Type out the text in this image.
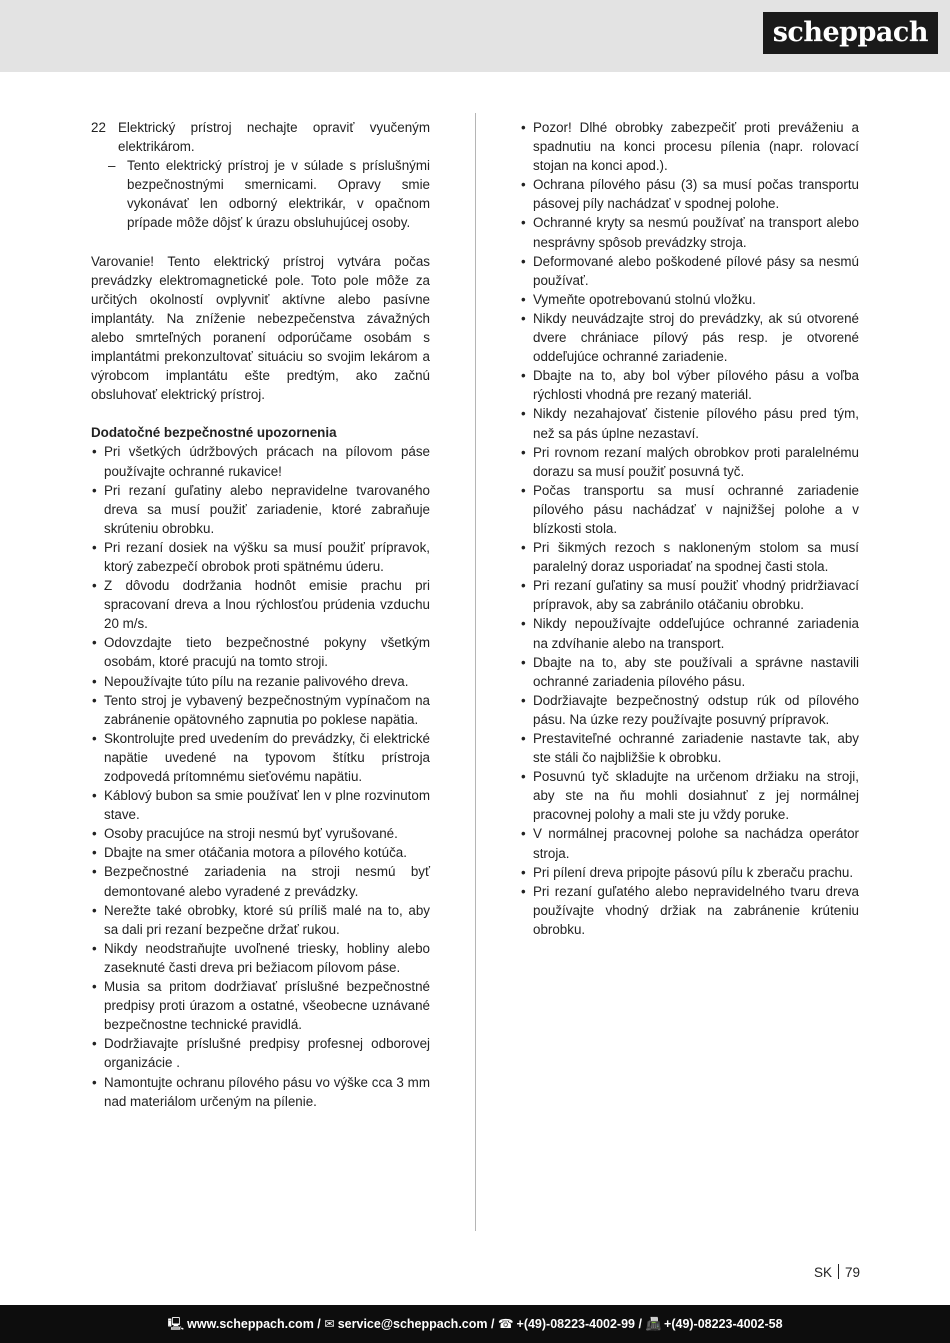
scheppach
22 Elektrický prístroj nechajte opraviť vyučeným elektrikárom.
– Tento elektrický prístroj je v súlade s príslušnými bezpečnostnými smernicami. Opravy smie vykonávať len odborný elektrikár, v opačnom prípade môže dôjsť k úrazu obsluhujúcej osoby.

Varovanie! Tento elektrický prístroj vytvára počas prevádzky elektromagnetické pole. Toto pole môže za určitých okolností ovplyvniť aktívne alebo pasívne implantáty. Na zníženie nebezpečenstva závažných alebo smrteľných poranení odporúčame osobám s implantátmi prekonzultovať situáciu so svojim lekárom a výrobcom implantátu ešte predtým, ako začnú obsluhovať elektrický prístroj.

Dodatočné bezpečnostné upozornenia

• Pri všetkých údržbových prácach na pílovom páse používajte ochranné rukavice!
• Pri rezaní guľatiny alebo nepravidelne tvarovaného dreva sa musí použiť zariadenie, ktoré zabraňuje skrúteniu obrobku.
• Pri rezaní dosiek na výšku sa musí použiť prípravok, ktorý zabezpečí obrobok proti spätnému úderu.
• Z dôvodu dodržania hodnôt emisie prachu pri spracovaní dreva a lnou rýchlosťou prúdenia vzduchu 20 m/s.
• Odovzdajte tieto bezpečnostné pokyny všetkým osobám, ktoré pracujú na tomto stroji.
• Nepoužívajte túto pílu na rezanie palivového dreva.
• Tento stroj je vybavený bezpečnostným vypínačom na zabránenie opätovného zapnutia po poklese napätia.
• Skontrolujte pred uvedením do prevádzky, či elektrické napätie uvedené na typovom štítku prístroja zodpovedá prítomnému sieťovému napätiu.
• Káblový bubon sa smie používať len v plne rozvinutom stave.
• Osoby pracujúce na stroji nesmú byť vyrušované.
• Dbajte na smer otáčania motora a pílového kotúča.
• Bezpečnostné zariadenia na stroji nesmú byť demontované alebo vyradené z prevádzky.
• Nerežte také obrobky, ktoré sú príliš malé na to, aby sa dali pri rezaní bezpečne držať rukou.
• Nikdy neodstraňujte uvoľnené triesky, hobliny alebo zaseknuté časti dreva pri bežiacom pílovom páse.
• Musia sa pritom dodržiavať príslušné bezpečnostné predpisy proti úrazom a ostatné, všeobecne uznávané bezpečnostne technické pravidlá.
• Dodržiavajte príslušné predpisy profesnej odborovej organizácie .
• Namontujte ochranu pílového pásu vo výške cca 3 mm nad materiálom určeným na pílenie.
• Pozor! Dlhé obrobky zabezpečiť proti preváženiu a spadnutiu na konci procesu pílenia (napr. rolovací stojan na konci apod.).
• Ochrana pílového pásu (3) sa musí počas transportu pásovej píly nachádzať v spodnej polohe.
• Ochranné kryty sa nesmú používať na transport alebo nesprávny spôsob prevádzky stroja.
• Deformované alebo poškodené pílové pásy sa nesmú používať.
• Vymeňte opotrebovanú stolnú vložku.
• Nikdy neuvádzajte stroj do prevádzky, ak sú otvorené dvere chrániace pílový pás resp. je otvorené oddeľujúce ochranné zariadenie.
• Dbajte na to, aby bol výber pílového pásu a voľba rýchlosti vhodná pre rezaný materiál.
• Nikdy nezahajovať čistenie pílového pásu pred tým, než sa pás úplne nezastaví.
• Pri rovnom rezaní malých obrobkov proti paralelnému dorazu sa musí použiť posuvná tyč.
• Počas transportu sa musí ochranné zariadenie pílového pásu nachádzať v najnižšej polohe a v blízkosti stola.
• Pri šikmých rezoch s nakloneným stolom sa musí paralelný doraz usporiadať na spodnej časti stola.
• Pri rezaní guľatiny sa musí použiť vhodný pridržiavací prípravok, aby sa zabránilo otáčaniu obrobku.
• Nikdy nepoužívajte oddeľujúce ochranné zariadenia na zdvíhanie alebo na transport.
• Dbajte na to, aby ste používali a správne nastavili ochranné zariadenia pílového pásu.
• Dodržiavajte bezpečnostný odstup rúk od pílového pásu. Na úzke rezy používajte posuvný prípravok.
• Prestaviteľné ochranné zariadenie nastavte tak, aby ste stáli čo najbližšie k obrobku.
• Posuvnú tyč skladujte na určenom držiaku na stroji, aby ste na ňu mohli dosiahnuť z jej normálnej pracovnej polohy a mali ste ju vždy poruke.
• V normálnej pracovnej polohe sa nachádza operátor stroja.
• Pri pílení dreva pripojte pásovú pílu k zberaču prachu.
• Pri rezaní guľatého alebo nepravidelného tvaru dreva používajte vhodný držiak na zabránenie krúteniu obrobku.
SK 79
🖳 www.scheppach.com / ✉ service@scheppach.com / ☎ +(49)-08223-4002-99 / 📠 +(49)-08223-4002-58
